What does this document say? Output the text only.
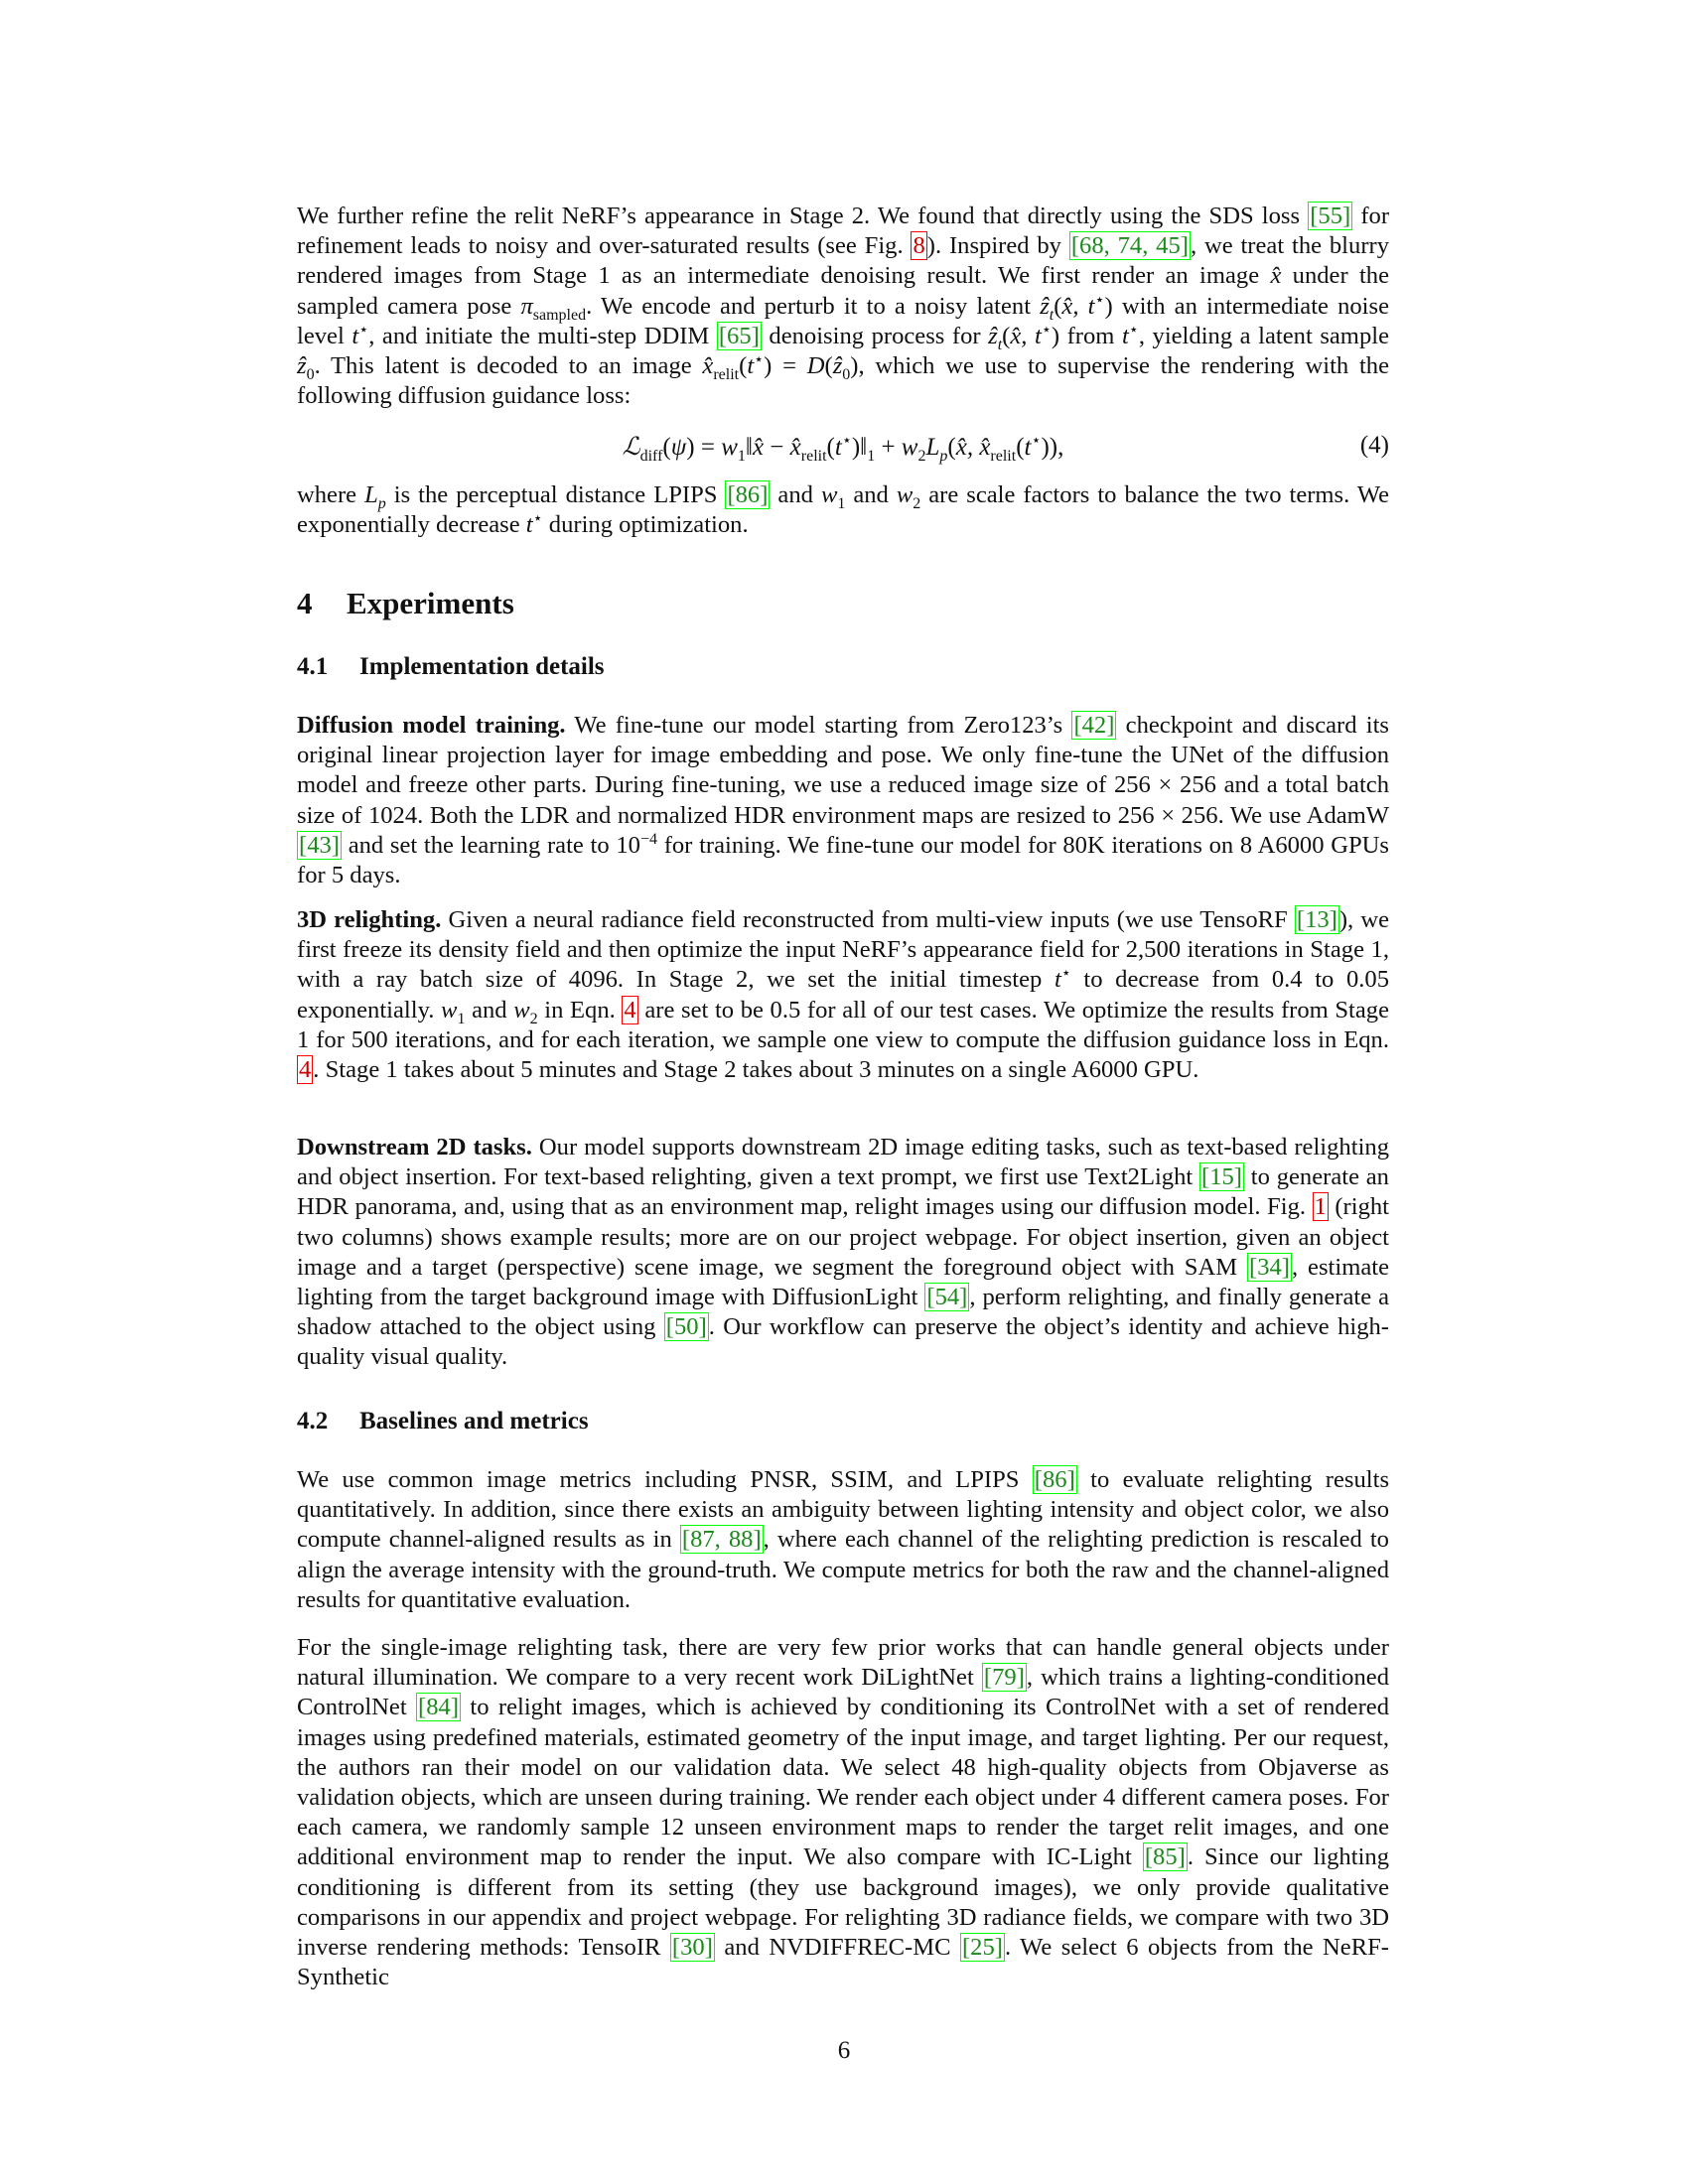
We further refine the relit NeRF’s appearance in Stage 2. We found that directly using the SDS loss [55] for refinement leads to noisy and over-saturated results (see Fig. 8). Inspired by [68, 74, 45], we treat the blurry rendered images from Stage 1 as an intermediate denoising result. We first render an image x̂ under the sampled camera pose $\pi_{sampled}$. We encode and perturb it to a noisy latent ẑ$_t$(x̂, t⋆) with an intermediate noise level t⋆, and initiate the multi-step DDIM [65] denoising process for ẑ$_t$(x̂, t⋆) from t⋆, yielding a latent sample ẑ$_0$. This latent is decoded to an image $x̂_{relit}(t^⋆)$ = D(ẑ$_0$), which we use to supervise the rendering with the following diffusion guidance loss:

ℒ$_{diff}$(ψ) = $w_1‖x̂$ − $x̂_{relit}(t^⋆)‖_1$ + $w_2L_p(x̂$, $x̂_{relit}(t^⋆)$),	(4)

where $L_p$ is the perceptual distance LPIPS [86] and $w_1$ and $w_2$ are scale factors to balance the two terms. We exponentially decrease t⋆ during optimization.

4 Experiments
4.1 Implementation details

Diffusion model training. We fine-tune our model starting from Zero123’s [42] checkpoint and discard its original linear projection layer for image embedding and pose. We only fine-tune the UNet of the diffusion model and freeze other parts. During fine-tuning, we use a reduced image size of 256 × 256 and a total batch size of 1024. Both the LDR and normalized HDR environment maps are resized to 256 × 256. We use AdamW [43] and set the learning rate to $10^{-4}$ for training. We fine-tune our model for 80K iterations on 8 A6000 GPUs for 5 days.

3D relighting. Given a neural radiance field reconstructed from multi-view inputs (we use TensoRF [13]), we first freeze its density field and then optimize the input NeRF’s appearance field for 2,500 iterations in Stage 1, with a ray batch size of 4096. In Stage 2, we set the initial timestep t⋆ to decrease from 0.4 to 0.05 exponentially. $w_1$ and $w_2$ in Eqn. 4 are set to be 0.5 for all of our test cases. We optimize the results from Stage 1 for 500 iterations, and for each iteration, we sample one view to compute the diffusion guidance loss in Eqn. 4. Stage 1 takes about 5 minutes and Stage 2 takes about 3 minutes on a single A6000 GPU.

Downstream 2D tasks. Our model supports downstream 2D image editing tasks, such as text-based relighting and object insertion. For text-based relighting, given a text prompt, we first use Text2Light [15] to generate an HDR panorama, and, using that as an environment map, relight images using our diffusion model. Fig. 1 (right two columns) shows example results; more are on our project webpage. For object insertion, given an object image and a target (perspective) scene image, we segment the foreground object with SAM [34], estimate lighting from the target background image with DiffusionLight [54], perform relighting, and finally generate a shadow attached to the object using [50]. Our workflow can preserve the object’s identity and achieve high-quality visual quality.

4.2 Baselines and metrics

We use common image metrics including PNSR, SSIM, and LPIPS [86] to evaluate relighting results quantitatively. In addition, since there exists an ambiguity between lighting intensity and object color, we also compute channel-aligned results as in [87, 88], where each channel of the relighting prediction is rescaled to align the average intensity with the ground-truth. We compute metrics for both the raw and the channel-aligned results for quantitative evaluation.

For the single-image relighting task, there are very few prior works that can handle general objects under natural illumination. We compare to a very recent work DiLightNet [79], which trains a lighting-conditioned ControlNet [84] to relight images, which is achieved by conditioning its ControlNet with a set of rendered images using predefined materials, estimated geometry of the input image, and target lighting. Per our request, the authors ran their model on our validation data. We select 48 high-quality objects from Objaverse as validation objects, which are unseen during training. We render each object under 4 different camera poses. For each camera, we randomly sample 12 unseen environment maps to render the target relit images, and one additional environment map to render the input. We also compare with IC-Light [85]. Since our lighting conditioning is different from its setting (they use background images), we only provide qualitative comparisons in our appendix and project webpage. For relighting 3D radiance fields, we compare with two 3D inverse rendering methods: TensoIR [30] and NVDIFFREC-MC [25]. We select 6 objects from the NeRF-Synthetic

6
